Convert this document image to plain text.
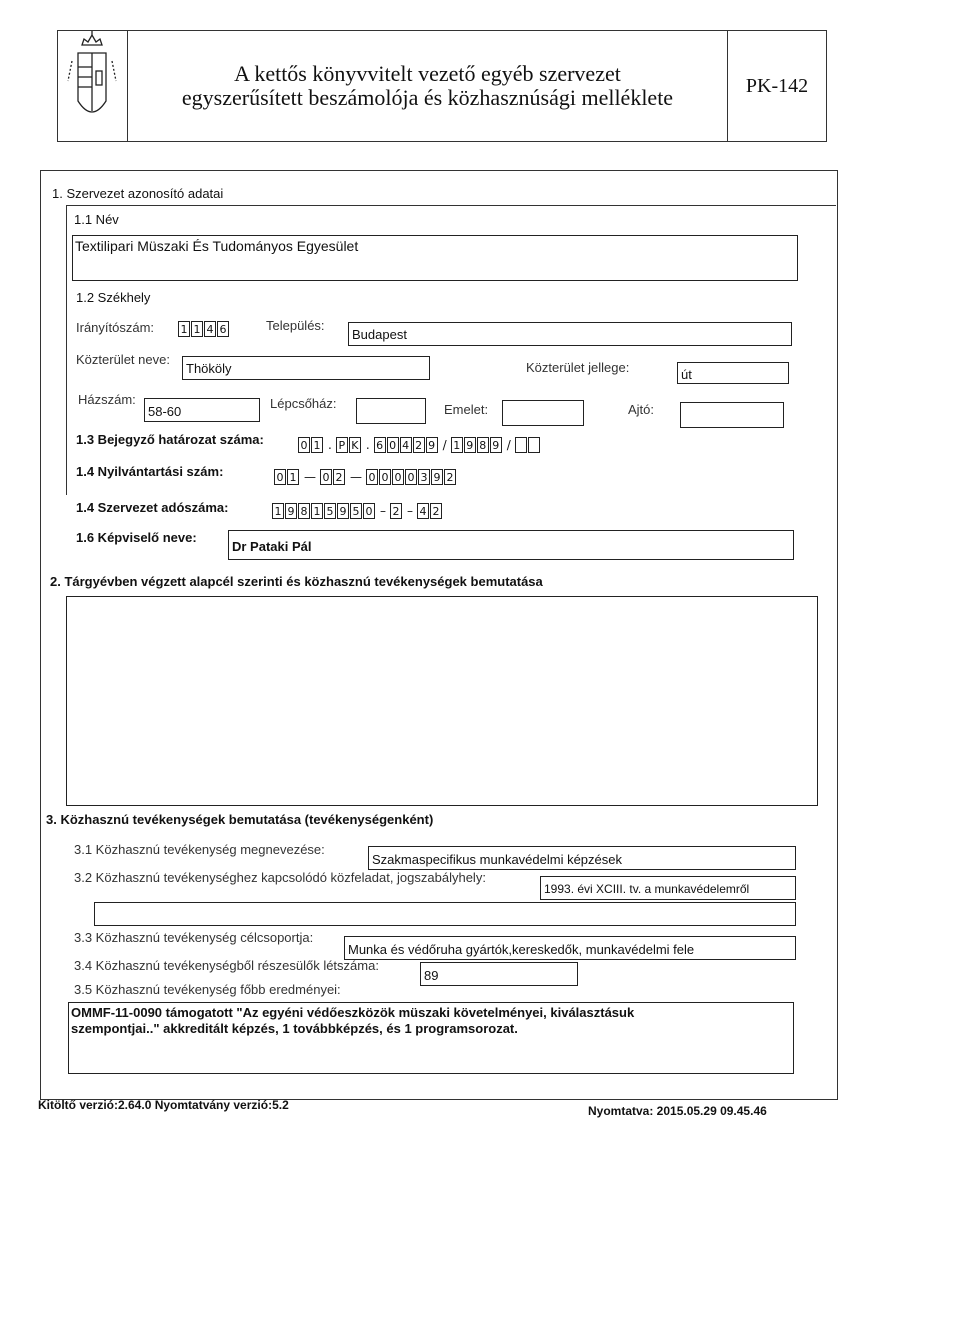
A kettős könyvvitelt vezető egyéb szervezet
egyszerűsített beszámolója és közhasznúsági melléklete	PK-142
1. Szervezet azonosító adatai
1.1 Név
Textilipari Müszaki És Tudományos Egyesület
1.2 Székhely
Irányítószám: 1 1 4 6	Település:
Budapest
Közterület neve:
Thököly	Közterület jellege:	út
Házszám:
58-60
Lépcsőház:	Emelet:	Ajtó:
1.3 Bejegyző határozat száma:	0 1 . P K . 6 0 4 2 9 / 1 9 8 9 /
1.4 Nyilvántartási szám:	0 1 — 0 2 — 0 0 0 0 3 9 2
1.4 Szervezet adószáma:	1 9 8 1 5 9 5 0 – 2 – 4 2
1.6 Képviselő neve:
Dr Pataki Pál
2. Tárgyévben végzett alapcél szerinti és közhasznú tevékenységek bemutatása
3. Közhasznú tevékenységek bemutatása (tevékenységenként)
3.1 Közhasznú tevékenység megnevezése:
Szakmaspecifikus munkavédelmi képzések
3.2 Közhasznú tevékenységhez kapcsolódó közfeladat, jogszabályhely:
1993. évi XCIII. tv. a munkavédelemről
3.3 Közhasznú tevékenység célcsoportja:
Munka és védőruha gyártók,kereskedők, munkavédelmi fele
3.4 Közhasznú tevékenységből részesülők létszáma:
89
3.5 Közhasznú tevékenység főbb eredményei:
OMMF-11-0090 támogatott "Az egyéni védőeszközök müszaki követelményei, kiválasztásuk szempontjai.." akkreditált képzés, 1 továbbképzés, és 1 programsorozat.
Kitöltő verzió:2.64.0 Nyomtatvány verzió:5.2	Nyomtatva: 2015.05.29 09.45.46
